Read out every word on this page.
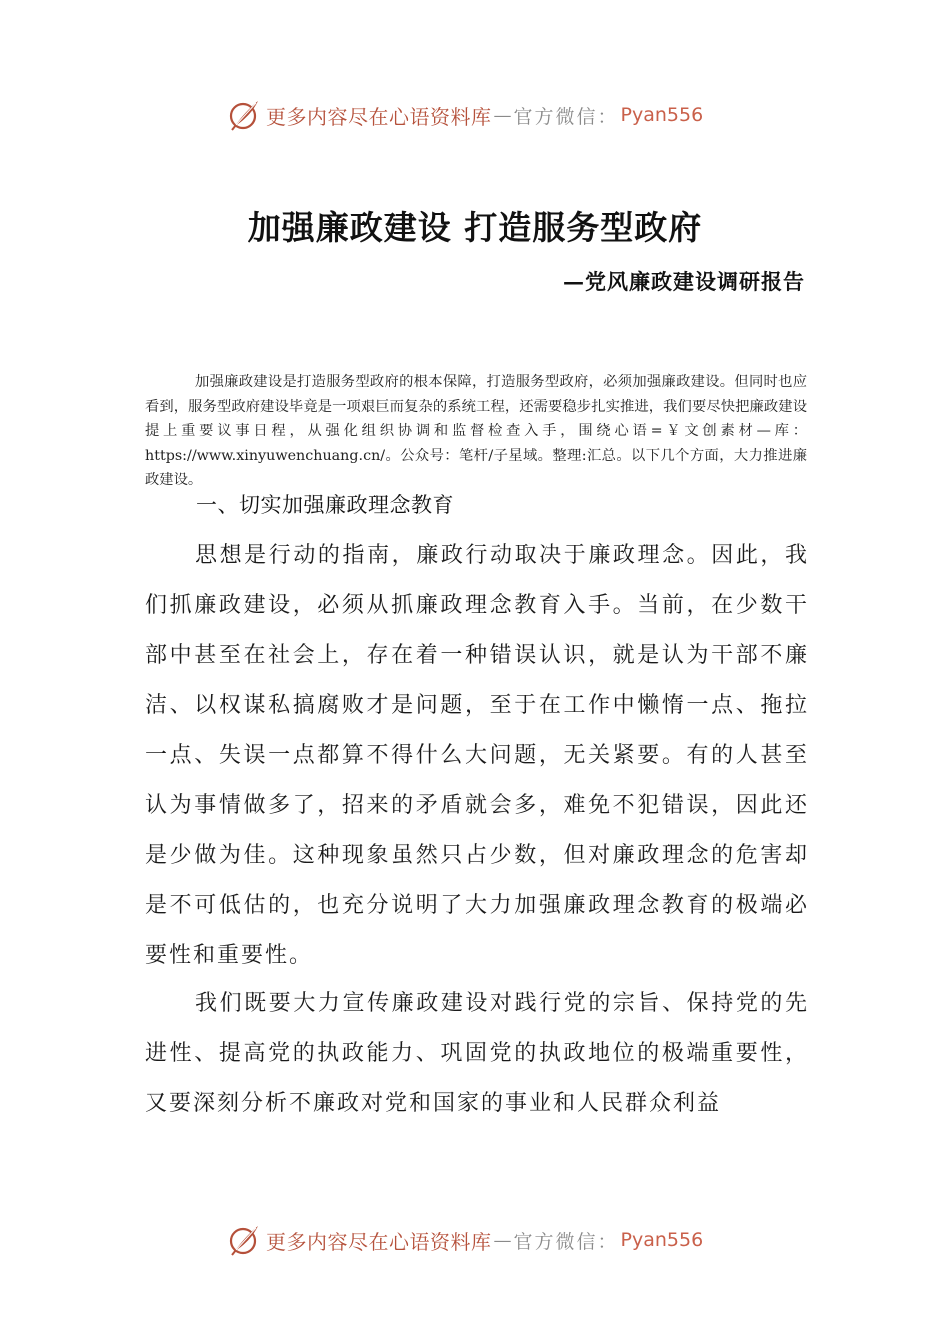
更多内容尽在心语资料库 — 官方微信： Pyan556
加强廉政建设 打造服务型政府
—党风廉政建设调研报告

加强廉政建设是打造服务型政府的根本保障，打造服务型政府，必须加强廉政建设。但同时也应看到，服务型政府建设毕竟是一项艰巨而复杂的系统工程，还需要稳步扎实推进，我们要尽快把廉政建设提上重要议事日程，从强化组织协调和监督检查入手，围绕心语=￥文创素材—库：https://www.xinyuwenchuang.cn/。公众号：笔杆/子星域。整理:汇总。以下几个方面，大力推进廉政建设。

一、切实加强廉政理念教育

思想是行动的指南，廉政行动取决于廉政理念。因此，我们抓廉政建设，必须从抓廉政理念教育入手。当前，在少数干部中甚至在社会上，存在着一种错误认识，就是认为干部不廉洁、以权谋私搞腐败才是问题，至于在工作中懒惰一点、拖拉一点、失误一点都算不得什么大问题，无关紧要。有的人甚至认为事情做多了，招来的矛盾就会多，难免不犯错误，因此还是少做为佳。这种现象虽然只占少数，但对廉政理念的危害却是不可低估的，也充分说明了大力加强廉政理念教育的极端必要性和重要性。

我们既要大力宣传廉政建设对践行党的宗旨、保持党的先进性、提高党的执政能力、巩固党的执政地位的极端重要性，又要深刻分析不廉政对党和国家的事业和人民群众利益

更多内容尽在心语资料库 — 官方微信： Pyan556
